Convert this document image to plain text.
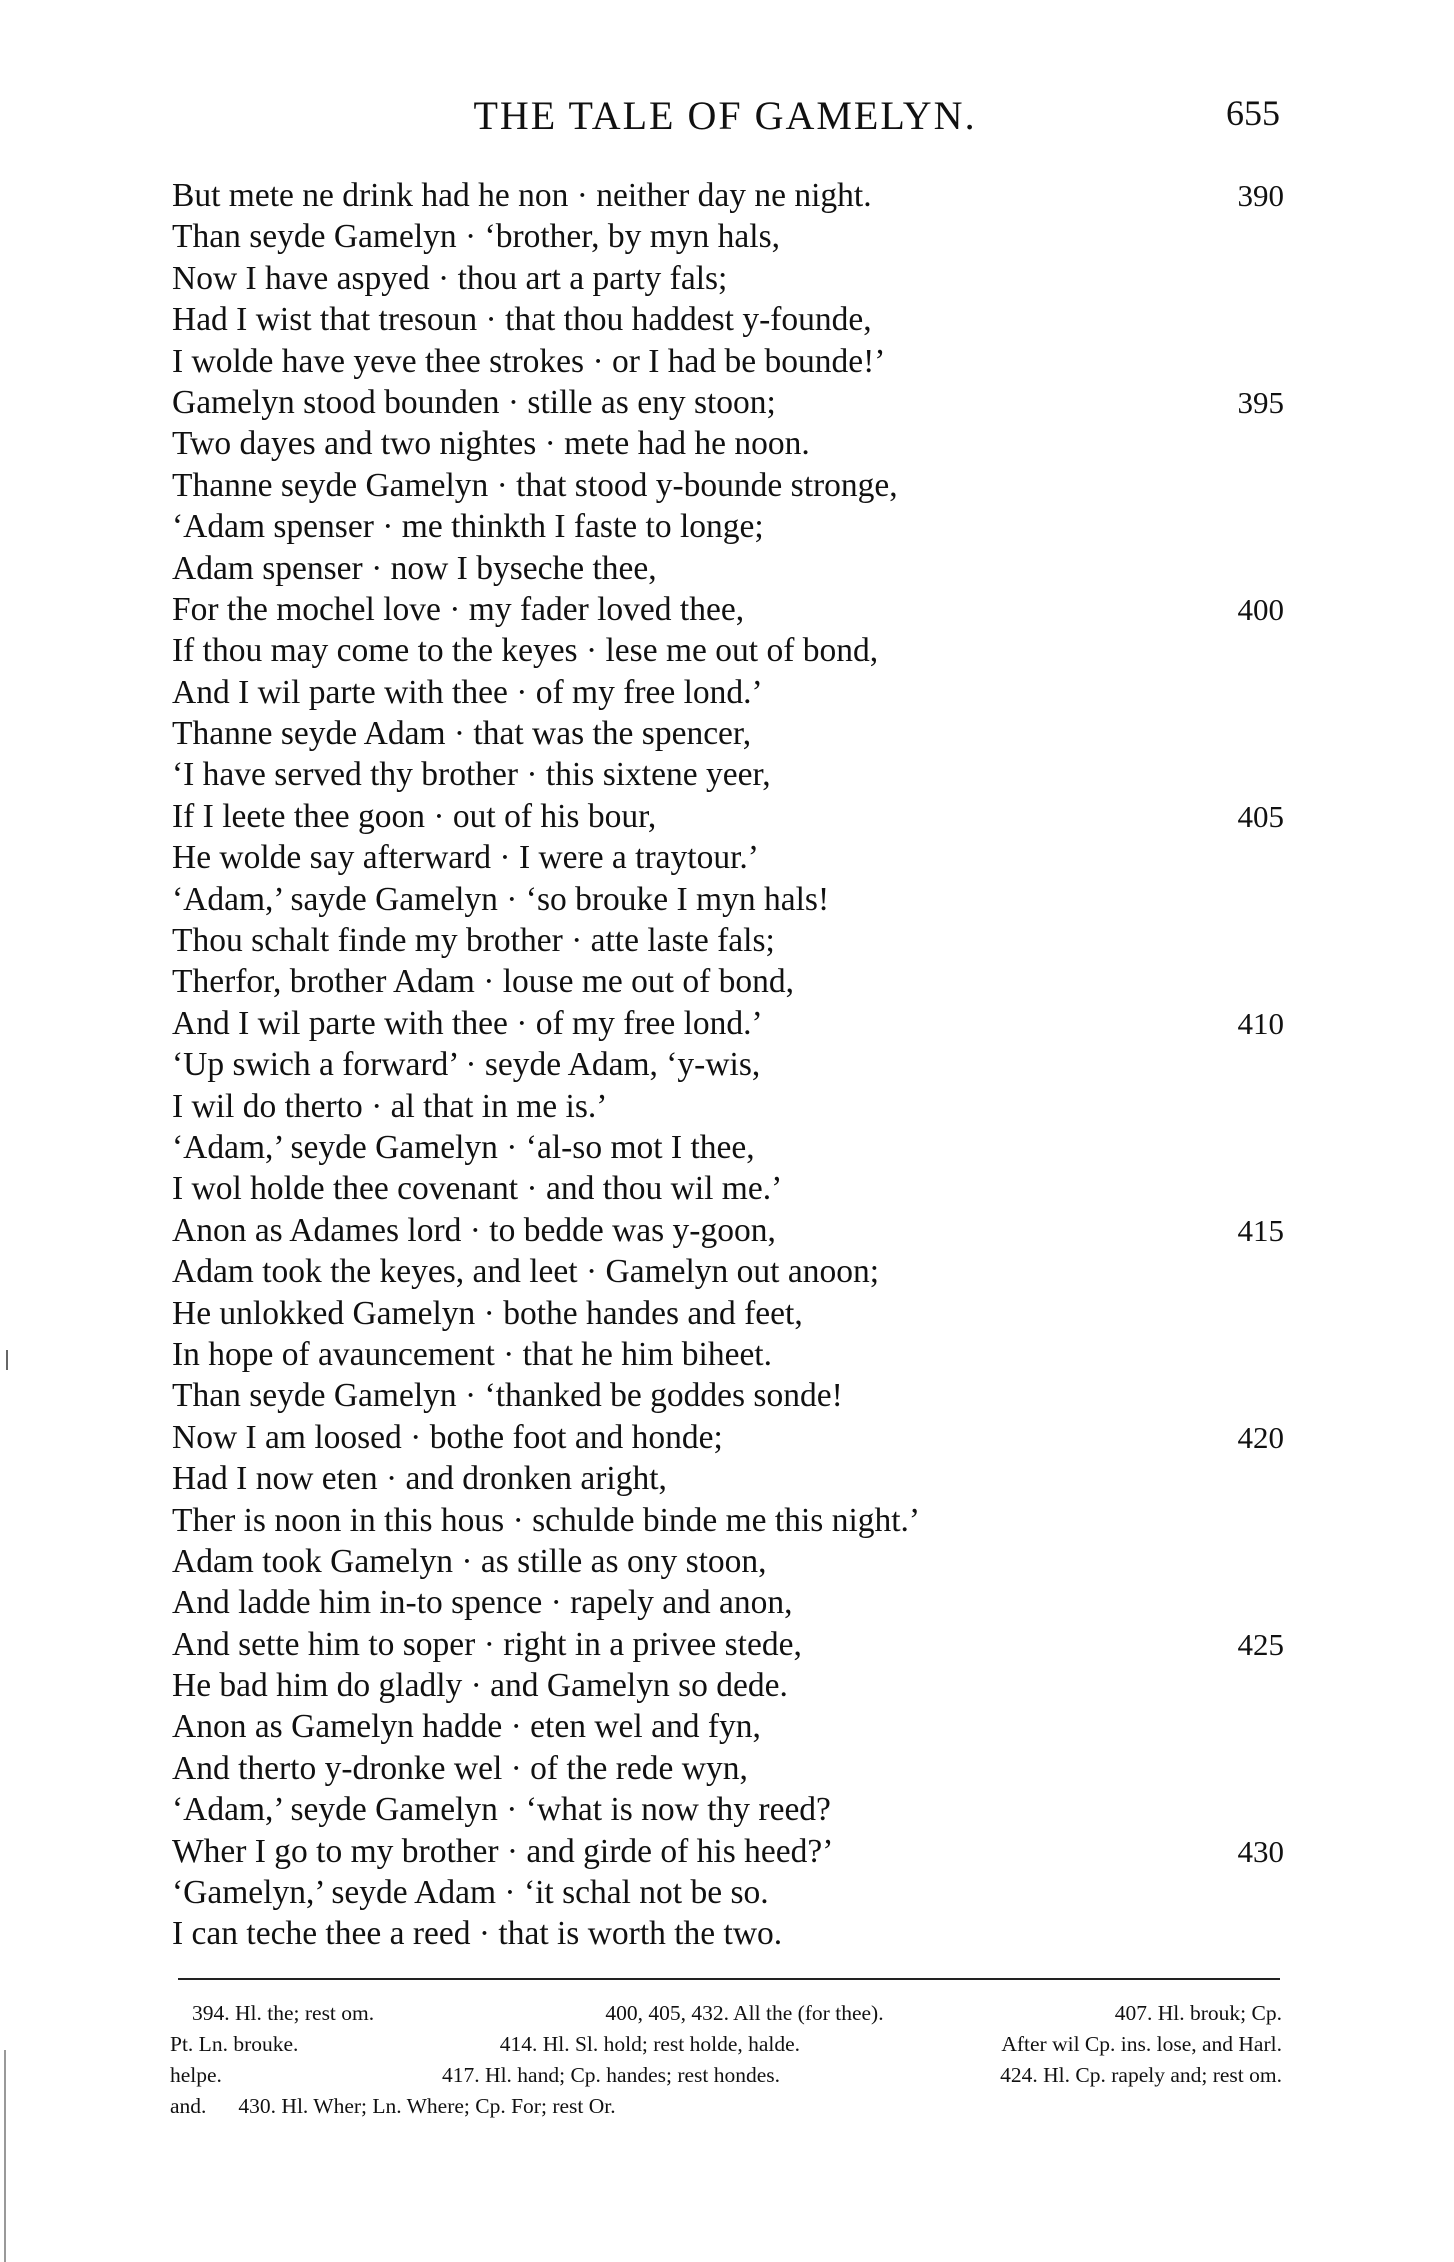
THE TALE OF GAMELYN.	655
But mete ne drink had he non · neither day ne night.	390
Than seyde Gamelyn · ‘brother, by myn hals,
Now I have aspyed · thou art a party fals;
Had I wist that tresoun · that thou haddest y-founde,
I wolde have yeve thee strokes · or I had be bounde!’
Gamelyn stood bounden · stille as eny stoon;	395
Two dayes and two nightes · mete had he noon.
Thanne seyde Gamelyn · that stood y-bounde stronge,
‘Adam spenser · me thinkth I faste to longe;
Adam spenser · now I byseche thee,
For the mochel love · my fader loved thee,	400
If thou may come to the keyes · lese me out of bond,
And I wil parte with thee · of my free lond.’
Thanne seyde Adam · that was the spencer,
‘I have served thy brother · this sixtene yeer,
If I leete thee goon · out of his bour,	405
He wolde say afterward · I were a traytour.’
‘Adam,’ sayde Gamelyn · ‘so brouke I myn hals!
Thou schalt finde my brother · atte laste fals;
Therfor, brother Adam · louse me out of bond,
And I wil parte with thee · of my free lond.’	410
‘Up swich a forward’ · seyde Adam, ‘y-wis,
I wil do therto · al that in me is.’
‘Adam,’ seyde Gamelyn · ‘al-so mot I thee,
I wol holde thee covenant · and thou wil me.’
Anon as Adames lord · to bedde was y-goon,	415
Adam took the keyes, and leet · Gamelyn out anoon;
He unlokked Gamelyn · bothe handes and feet,
In hope of avauncement · that he him biheet.
Than seyde Gamelyn · ‘thanked be goddes sonde!
Now I am loosed · bothe foot and honde;	420
Had I now eten · and dronken aright,
Ther is noon in this hous · schulde binde me this night.’
Adam took Gamelyn · as stille as ony stoon,
And ladde him in-to spence · rapely and anon,
And sette him to soper · right in a privee stede,	425
He bad him do gladly · and Gamelyn so dede.
Anon as Gamelyn hadde · eten wel and fyn,
And therto y-dronke wel · of the rede wyn,
‘Adam,’ seyde Gamelyn · ‘what is now thy reed?
Wher I go to my brother · and girde of his heed?’	430
‘Gamelyn,’ seyde Adam · ‘it schal not be so.
I can teche thee a reed · that is worth the two.
394. Hl. the; rest om.	400, 405, 432. All the (for thee).	407. Hl. brouk; Cp.
Pt. Ln. brouke.	414. Hl. Sl. hold; rest holde, halde.	After wil Cp. ins. lose, and Harl.
helpe.	417. Hl. hand; Cp. handes; rest hondes.	424. Hl. Cp. rapely and; rest om.
and. 430. Hl. Wher; Ln. Where; Cp. For; rest Or.
